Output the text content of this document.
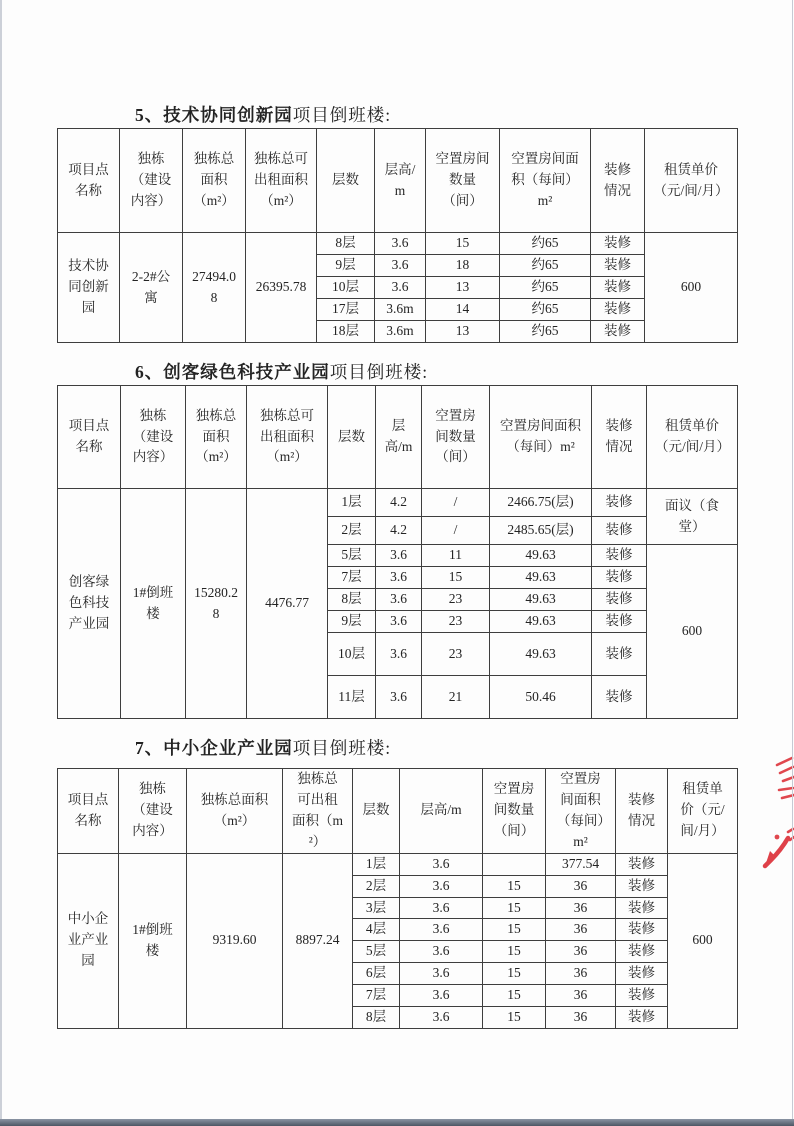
5、技术协同创新园项目倒班楼:
项目点名称	独栋（建设内容）	独栋总面积（m²）	独栋总可出租面积（m²）	层数	层高/m	空置房间数量（间）	空置房间面积（每间）m²	装修情况	租赁单价（元/间/月）
技术协同创新园	2-2#公寓	27494.08	26395.78	8层	3.6	15	约65	装修	600
				9层	3.6	18	约65	装修	
				10层	3.6	13	约65	装修	
				17层	3.6m	14	约65	装修	
				18层	3.6m	13	约65	装修	
6、创客绿色科技产业园项目倒班楼:
项目点名称	独栋（建设内容）	独栋总面积（m²）	独栋总可出租面积（m²）	层数	层高/m	空置房间数量（间）	空置房间面积（每间）m²	装修情况	租赁单价（元/间/月）
创客绿色科技产业园	1#倒班楼	15280.28	4476.77	1层	4.2	/	2466.75(层)	装修	面议（食堂）
				2层	4.2	/	2485.65(层)	装修	
				5层	3.6	11	49.63	装修	600
				7层	3.6	15	49.63	装修	
				8层	3.6	23	49.63	装修	
				9层	3.6	23	49.63	装修	
				10层	3.6	23	49.63	装修	
				11层	3.6	21	50.46	装修	
7、中小企业产业园项目倒班楼:
项目点名称	独栋（建设内容）	独栋总面积（m²）	独栋总可出租面积（m²）	层数	层高/m	空置房间数量（间）	空置房间面积（每间）m²	装修情况	租赁单价（元/间/月）
中小企业产业园	1#倒班楼	9319.60	8897.24	1层	3.6		377.54	装修	600
				2层	3.6	15	36	装修	
				3层	3.6	15	36	装修	
				4层	3.6	15	36	装修	
				5层	3.6	15	36	装修	
				6层	3.6	15	36	装修	
				7层	3.6	15	36	装修	
				8层	3.6	15	36	装修	
